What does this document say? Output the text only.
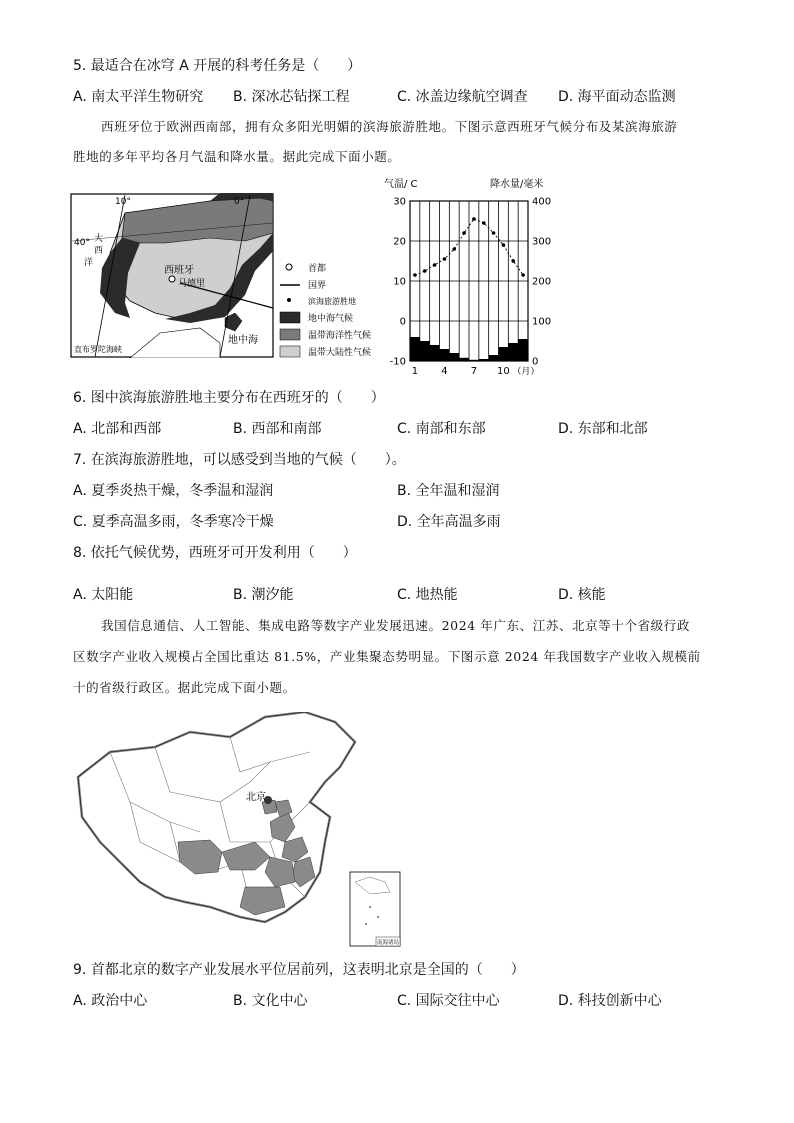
5. 最适合在冰穹 A 开展的科考任务是（　　）
A. 南太平洋生物研究 B. 深冰芯钻探工程	C. 冰盖边缘航空调查 D. 海平面动态监测
西班牙位于欧洲西南部，拥有众多阳光明媚的滨海旅游胜地。下图示意西班牙气候分布及某滨海旅游
胜地的多年平均各月气温和降水量。据此完成下面小题。
10°	0°
40° 大
西
洋
西班牙
马德里
直布罗陀海峡
地中海
首都
国界
滨海旅游胜地
地中海气候
温带海洋性气候
温带大陆性气候
气温/ C	降水量/毫米
30
20
10
0
-10
400
300
200
100
0
1 4 7 10 （月）
6. 图中滨海旅游胜地主要分布在西班牙的（　　）
A. 北部和西部	B. 西部和南部	C. 南部和东部	D. 东部和北部
7. 在滨海旅游胜地，可以感受到当地的气候（　　）。
A. 夏季炎热干燥，冬季温和湿润	B. 全年温和湿润
C. 夏季高温多雨，冬季寒冷干燥	D. 全年高温多雨
8. 依托气候优势，西班牙可开发利用（　　）
A. 太阳能	B. 潮汐能	C. 地热能	D. 核能
我国信息通信、人工智能、集成电路等数字产业发展迅速。2024 年广东、江苏、北京等十个省级行政
区数字产业收入规模占全国比重达 81.5%，产业集聚态势明显。下图示意 2024 年我国数字产业收入规模前
十的省级行政区。据此完成下面小题。
北京
南海诸岛
9. 首都北京的数字产业发展水平位居前列，这表明北京是全国的（　　）
A. 政治中心	B. 文化中心	C. 国际交往中心	D. 科技创新中心
